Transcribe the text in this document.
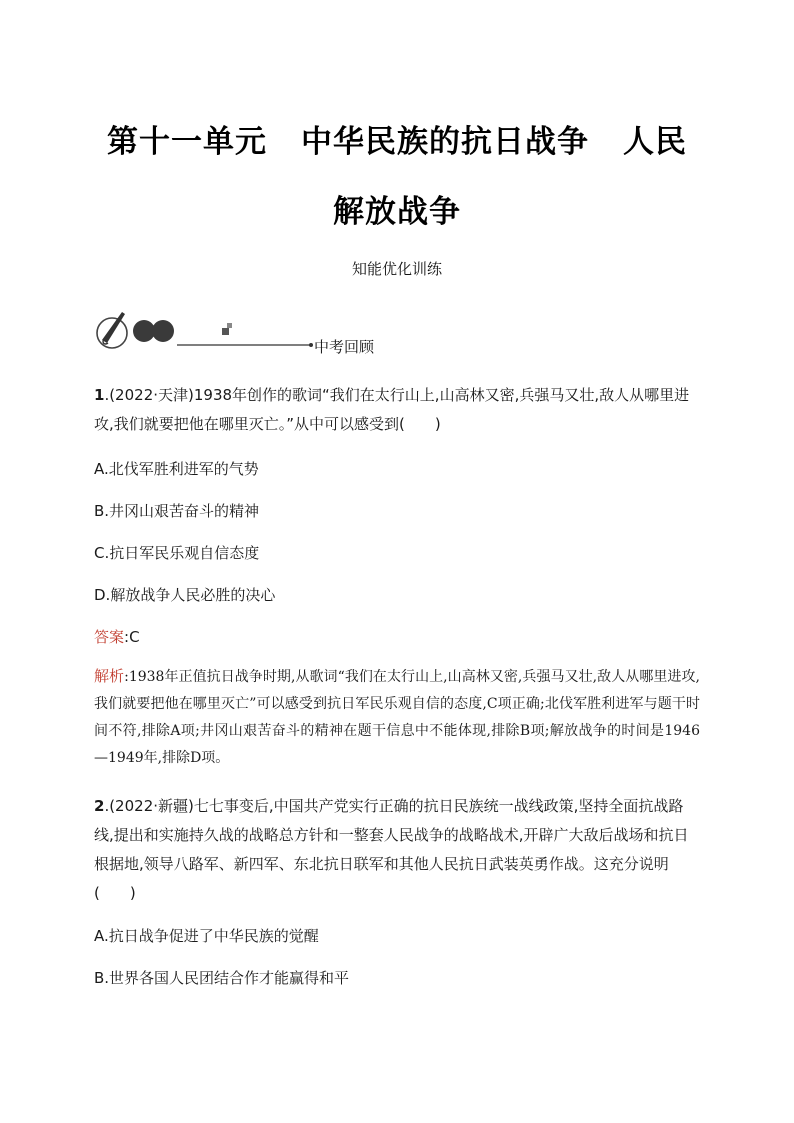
第十一单元 中华民族的抗日战争 人民
解放战争
知能优化训练
中考回顾
1.(2022·天津)1938年创作的歌词“我们在太行山上,山高林又密,兵强马又壮,敌人从哪里进攻,我们就要把他在哪里灭亡。”从中可以感受到(　　)
A.北伐军胜利进军的气势
B.井冈山艰苦奋斗的精神
C.抗日军民乐观自信态度
D.解放战争人民必胜的决心
答案:C
解析:1938年正值抗日战争时期,从歌词“我们在太行山上,山高林又密,兵强马又壮,敌人从哪里进攻,我们就要把他在哪里灭亡”可以感受到抗日军民乐观自信的态度,C项正确;北伐军胜利进军与题干时间不符,排除A项;井冈山艰苦奋斗的精神在题干信息中不能体现,排除B项;解放战争的时间是1946—1949年,排除D项。
2.(2022·新疆)七七事变后,中国共产党实行正确的抗日民族统一战线政策,坚持全面抗战路线,提出和实施持久战的战略总方针和一整套人民战争的战略战术,开辟广大敌后战场和抗日根据地,领导八路军、新四军、东北抗日联军和其他人民抗日武装英勇作战。这充分说明(　　)
A.抗日战争促进了中华民族的觉醒
B.世界各国人民团结合作才能赢得和平
